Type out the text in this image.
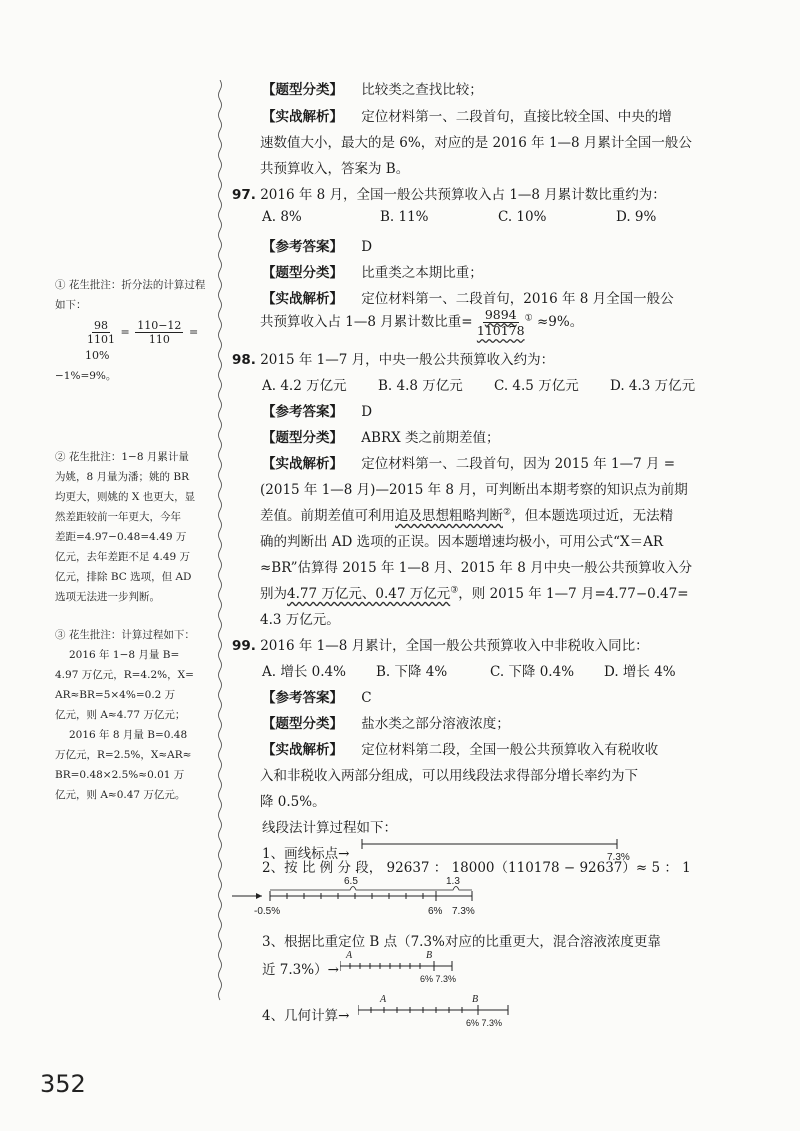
① 花生批注：折分法的计算过程如下：

$\frac{98}{1101} = \frac{110-12}{110} = 10\%$

−1%=9%。

② 花生批注：1−8 月累计量

为姚，8 月量为潘；姚的 BR

均更大，则姚的 X 也更大，显

然差距较前一年更大，今年

差距=4.97−0.48=4.49 万

亿元，去年差距不足 4.49 万

亿元，排除 BC 选项，但 AD

选项无法进一步判断。

③ 花生批注：计算过程如下：

2016 年 1−8 月量 B=

4.97 万亿元，R=4.2%，X=

AR≈BR=5×4%=0.2 万

亿元，则 A≈4.77 万亿元；

2016 年 8 月量 B=0.48

万亿元，R=2.5%，X≈AR≈

BR=0.48×2.5%≈0.01 万

亿元，则 A≈0.47 万亿元。

【题型分类】 比较类之查找比较；
【实战解析】 定位材料第一、二段首句，直接比较全国、中央的增
速数值大小，最大的是 6%，对应的是 2016 年 1—8 月累计全国一般公
共预算收入，答案为 B。
97. 2016 年 8 月，全国一般公共预算收入占 1—8 月累计数比重约为：
A. 8%	B. 11%	C. 10%	D. 9%
【参考答案】 D
【题型分类】 比重类之本期比重；
【实战解析】 定位材料第一、二段首句，2016 年 8 月全国一般公
共预算收入占 1—8 月累计数比重= $\frac{9894}{110178} ^① \approx 9\%$。
98. 2015 年 1—7 月，中央一般公共预算收入约为：
A. 4.2 万亿元 B. 4.8 万亿元 C. 4.5 万亿元 D. 4.3 万亿元
【参考答案】 D
【题型分类】 ABRX 类之前期差值；
【实战解析】 定位材料第一、二段首句，因为 2015 年 1—7 月 =
(2015 年 1—8 月)—2015 年 8 月，可判断出本期考察的知识点为前期
差值。前期差值可利用追及思想粗略判断②，但本题选项过近，无法精
确的判断出 AD 选项的正误。因本题增速均极小，可用公式“X＝AR
≈BR”估算得 2015 年 1—8 月、2015 年 8 月中央一般公共预算收入分
别为4.77 万亿元、0.47 万亿元③，则 2015 年 1—7 月=4.77−0.47=
4.3 万亿元。
99. 2016 年 1—8 月累计，全国一般公共预算收入中非税收入同比：
A. 增长 0.4% B. 下降 4%	C. 下降 0.4% D. 增长 4%
【参考答案】 C
【题型分类】 盐水类之部分溶液浓度；
【实战解析】 定位材料第二段，全国一般公共预算收入有税收收
入和非税收入两部分组成，可以用线段法求得部分增长率约为下
降 0.5%。
线段法计算过程如下：
1、画线标点→	7.3%
2、按 比 例 分 段， 92637 ： 18000（110178 − 92637）≈ 5 ： 1
6.5	1.3
-0.5%	6% 7.3%
3、根据比重定位 B 点（7.3%对应的比重更大，混合溶液浓度更靠
近 7.3%）→
A	B
6% 7.3%
4、几何计算→
A	B
6% 7.3%
352
